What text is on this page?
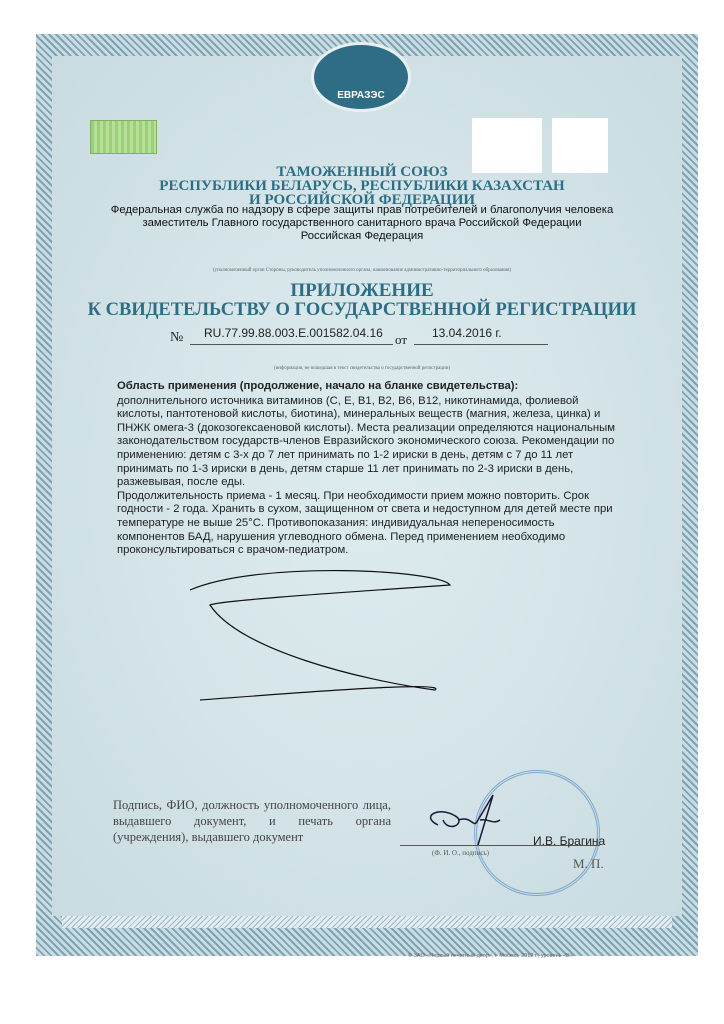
ЕВРАЗЭС
ТАМОЖЕННЫЙ СОЮЗ
РЕСПУБЛИКИ БЕЛАРУСЬ, РЕСПУБЛИКИ КАЗАХСТАН
И РОССИЙСКОЙ ФЕДЕРАЦИИ
Федеральная служба по надзору в сфере защиты прав потребителей и благополучия человека
заместитель Главного государственного санитарного врача Российской Федерации
Российская Федерация
(уполномоченный орган Стороны, руководитель уполномоченного органа, наименование административно-территориального образования)
ПРИЛОЖЕНИЕ
К СВИДЕТЕЛЬСТВУ О ГОСУДАРСТВЕННОЙ РЕГИСТРАЦИИ
№ RU.77.99.88.003.E.001582.04.16 от 13.04.2016 г.
(информация, не вошедшая в текст свидетельства о государственной регистрации)

Область применения (продолжение, начало на бланке свидетельства):

дополнительного источника витаминов (С, Е, В1, В2, В6, В12, никотинамида, фолиевой кислоты, пантотеновой кислоты, биотина), минеральных веществ (магния, железа, цинка) и ПНЖК омега-3 (докозогексаеновой кислоты). Места реализации определяются национальным законодательством государств-членов Евразийского экономического союза. Рекомендации по применению: детям с 3-х до 7 лет принимать по 1-2 ириски в день, детям с 7 до 11 лет принимать по 1-3 ириски в день, детям старше 11 лет принимать по 2-3 ириски в день, разжевывая, после еды.

Продолжительность приема - 1 месяц. При необходимости прием можно повторить. Срок годности - 2 года. Хранить в сухом, защищенном от света и недоступном для детей месте при температуре не выше 25°С. Противопоказания: индивидуальная непереносимость компонентов БАД, нарушения углеводного обмена. Перед применением необходимо проконсультироваться с врачом-педиатром.

Подпись, ФИО, должность уполномоченного лица, выдавшего документ, и печать органа (учреждения), выдавшего документ	И.В. Брагина
(Ф. И. О., подпись)
М. П.
© ЗАО «Первый печатный двор», г. Москва, 2012 г., уровень «В»
